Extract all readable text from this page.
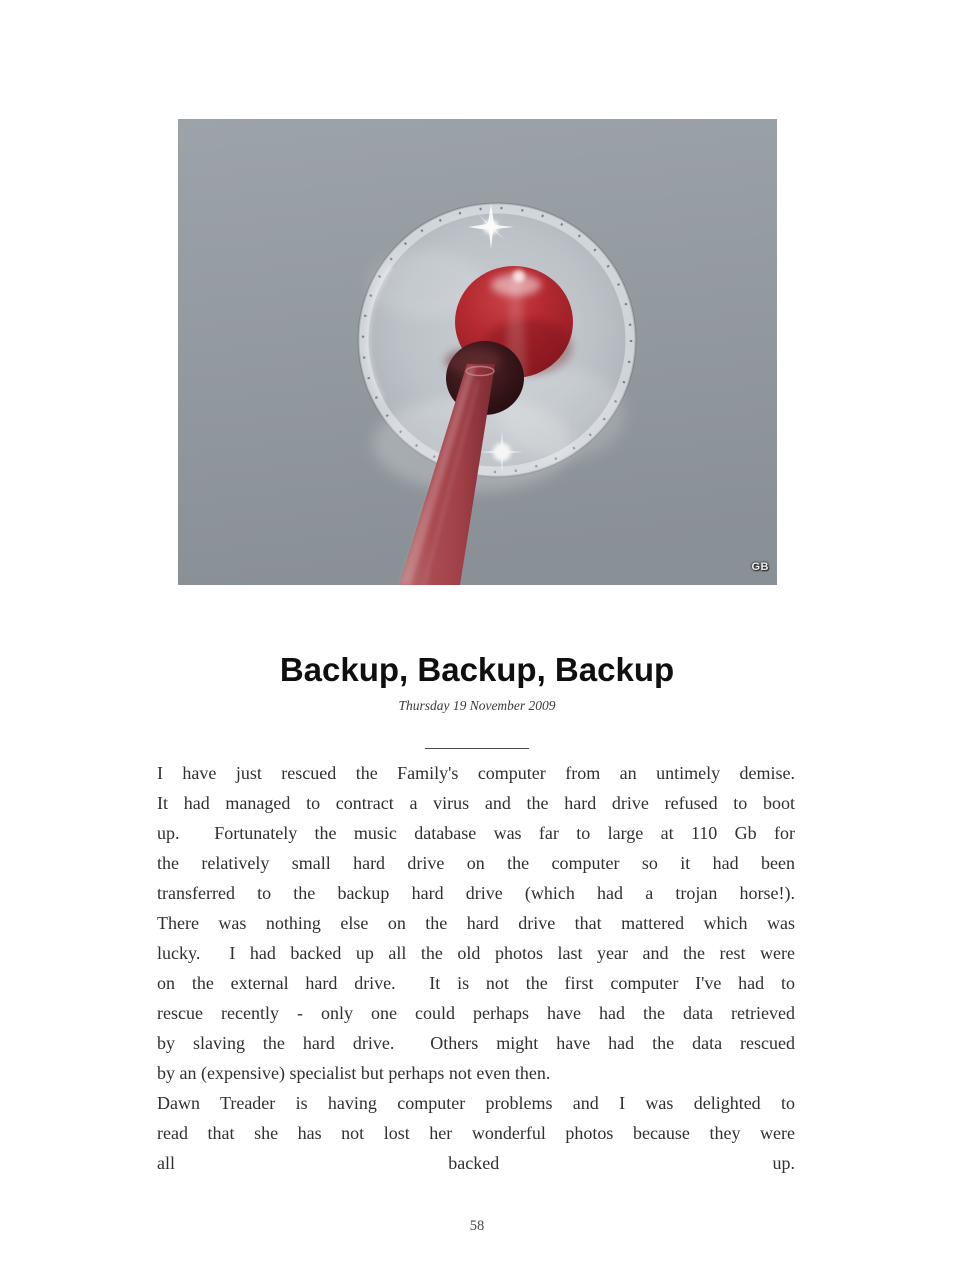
GB
Backup, Backup, Backup
Thursday 19 November 2009
_____________
I have just rescued the Family's computer from an untimely demise.
It had managed to contract a virus and the hard drive refused to boot
up.  Fortunately the music database was far to large at 110 Gb for
the relatively small hard drive on the computer so it had been
transferred to the backup hard drive (which had a trojan horse!).
There was nothing else on the hard drive that mattered which was
lucky.  I had backed up all the old photos last year and the rest were
on the external hard drive.  It is not the first computer I've had to
rescue recently - only one could perhaps have had the data retrieved
by slaving the hard drive.  Others might have had the data rescued
by an (expensive) specialist but perhaps not even then.
Dawn Treader is having computer problems and I was delighted to
read that she has not lost her wonderful photos because they were
all backed up.
58
